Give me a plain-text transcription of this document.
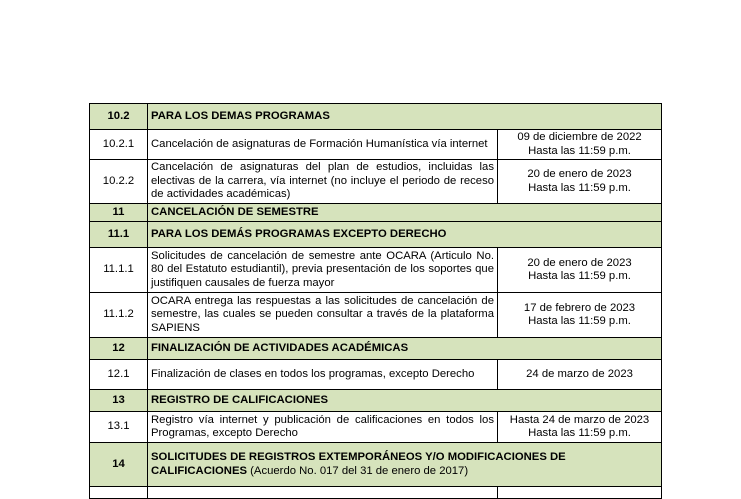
10.2	PARA LOS DEMAS PROGRAMAS	
10.2.1	Cancelación de asignaturas de Formación Humanística vía internet	09 de diciembre de 2022
Hasta las 11:59 p.m.

10.2.2	Cancelación de asignaturas del plan de estudios, incluidas las electivas de la carrera, vía internet (no incluye el periodo de receso de actividades académicas)	20 de enero de 2023
Hasta las 11:59 p.m.

11	CANCELACIÓN DE SEMESTRE	
11.1	PARA LOS DEMÁS PROGRAMAS EXCEPTO DERECHO	
11.1.1	Solicitudes de cancelación de semestre ante OCARA (Articulo No. 80 del Estatuto estudiantil), previa presentación de los soportes que justifiquen causales de fuerza mayor	20 de enero de 2023
Hasta las 11:59 p.m.

11.1.2	OCARA entrega las respuestas a las solicitudes de cancelación de semestre, las cuales se pueden consultar a través de la plataforma SAPIENS	17 de febrero de 2023
Hasta las 11:59 p.m.

12	FINALIZACIÓN DE ACTIVIDADES ACADÉMICAS	
12.1	Finalización de clases en todos los programas, excepto Derecho	24 de marzo de 2023

13	REGISTRO DE CALIFICACIONES	
13.1	Registro vía internet y publicación de calificaciones en todos los Programas, excepto Derecho	Hasta 24 de marzo de 2023
Hasta las 11:59 p.m.

14	SOLICITUDES DE REGISTROS EXTEMPORÁNEOS Y/O MODIFICACIONES DE CALIFICACIONES (Acuerdo No. 017 del 31 de enero de 2017)	
